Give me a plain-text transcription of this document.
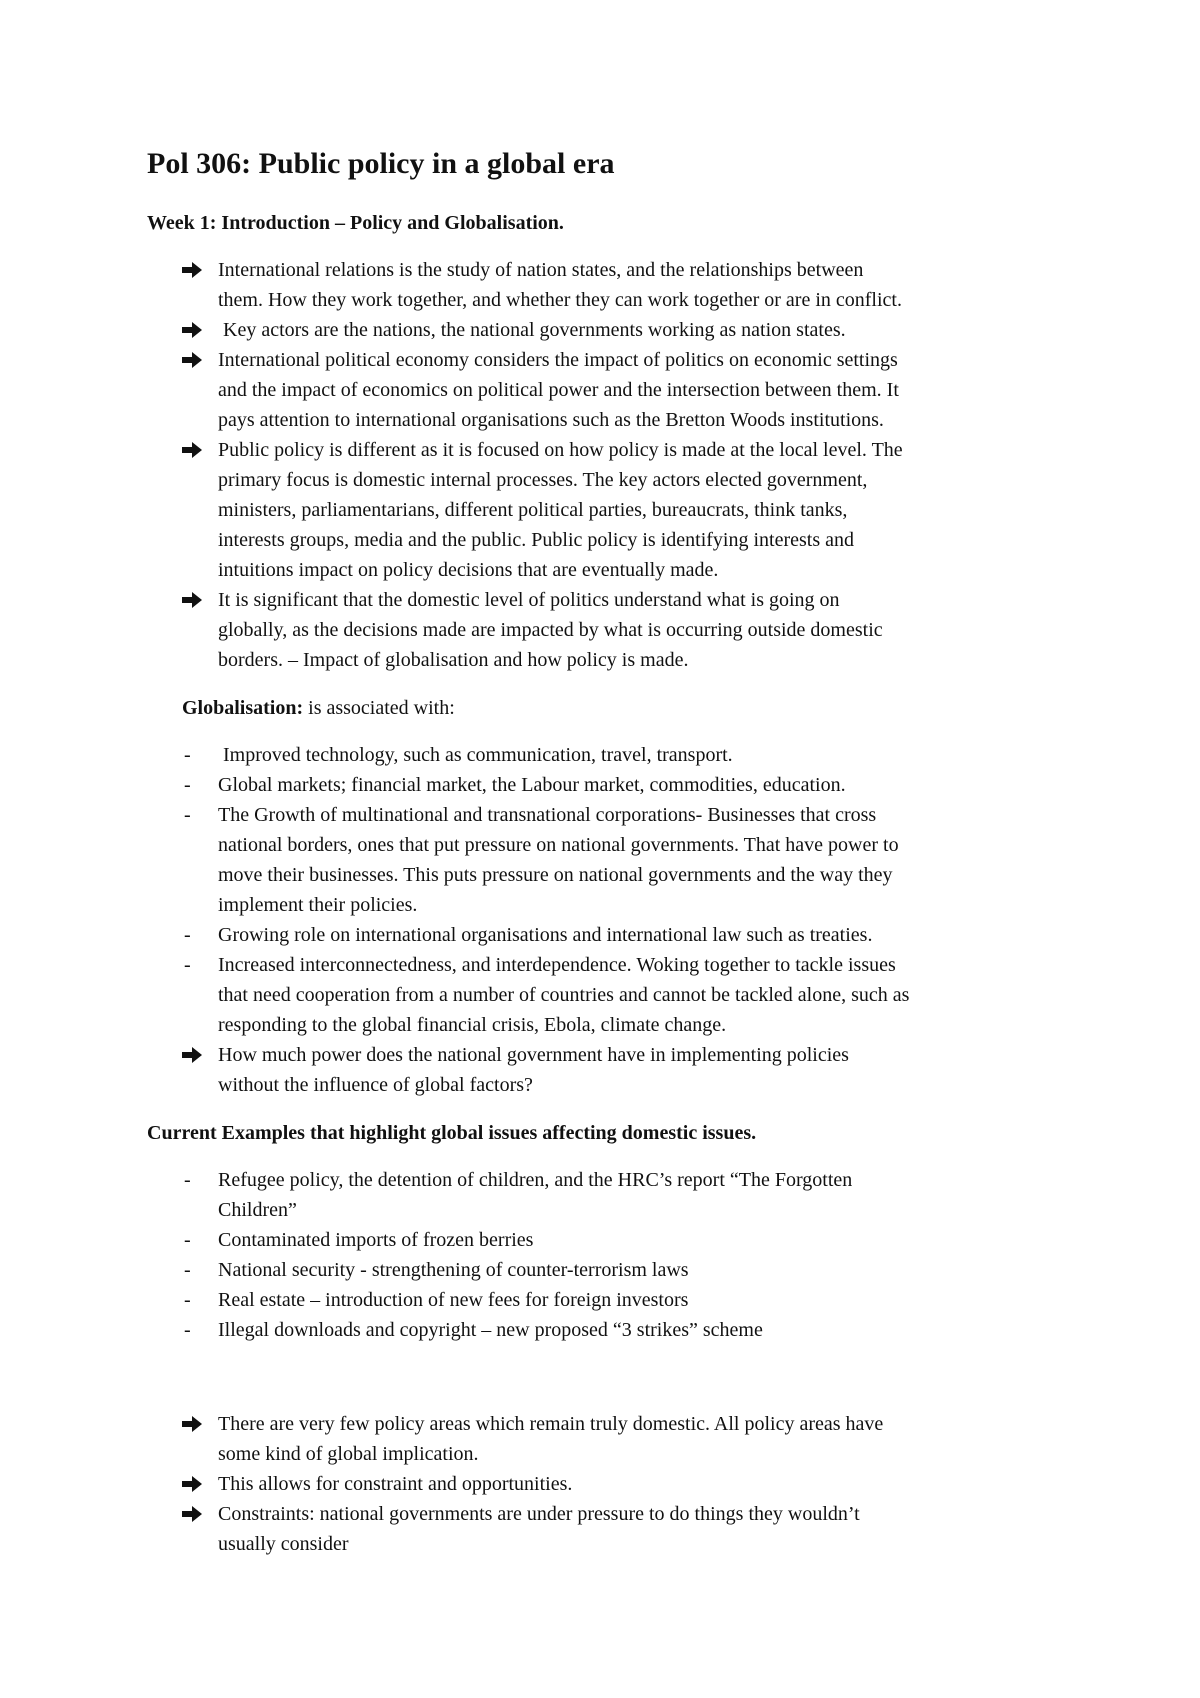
Pol 306: Public policy in a global era
Week 1: Introduction – Policy and Globalisation.
International relations is the study of nation states, and the relationships between
them. How they work together, and whether they can work together or are in conflict.
Key actors are the nations, the national governments working as nation states.
International political economy considers the impact of politics on economic settings
and the impact of economics on political power and the intersection between them. It
pays attention to international organisations such as the Bretton Woods institutions.
Public policy is different as it is focused on how policy is made at the local level. The
primary focus is domestic internal processes. The key actors elected government,
ministers, parliamentarians, different political parties, bureaucrats, think tanks,
interests groups, media and the public. Public policy is identifying interests and
intuitions impact on policy decisions that are eventually made.
It is significant that the domestic level of politics understand what is going on
globally, as the decisions made are impacted by what is occurring outside domestic
borders. – Impact of globalisation and how policy is made.
Globalisation: is associated with:
- Improved technology, such as communication, travel, transport.
- Global markets; financial market, the Labour market, commodities, education.
- The Growth of multinational and transnational corporations- Businesses that cross
national borders, ones that put pressure on national governments. That have power to
move their businesses. This puts pressure on national governments and the way they
implement their policies.
- Growing role on international organisations and international law such as treaties.
- Increased interconnectedness, and interdependence. Woking together to tackle issues
that need cooperation from a number of countries and cannot be tackled alone, such as
responding to the global financial crisis, Ebola, climate change.
How much power does the national government have in implementing policies
without the influence of global factors?
Current Examples that highlight global issues affecting domestic issues.
- Refugee policy, the detention of children, and the HRC’s report “The Forgotten
Children”
- Contaminated imports of frozen berries
- National security - strengthening of counter-terrorism laws
- Real estate – introduction of new fees for foreign investors
- Illegal downloads and copyright – new proposed “3 strikes” scheme
There are very few policy areas which remain truly domestic. All policy areas have
some kind of global implication.
This allows for constraint and opportunities.
Constraints: national governments are under pressure to do things they wouldn’t
usually consider
